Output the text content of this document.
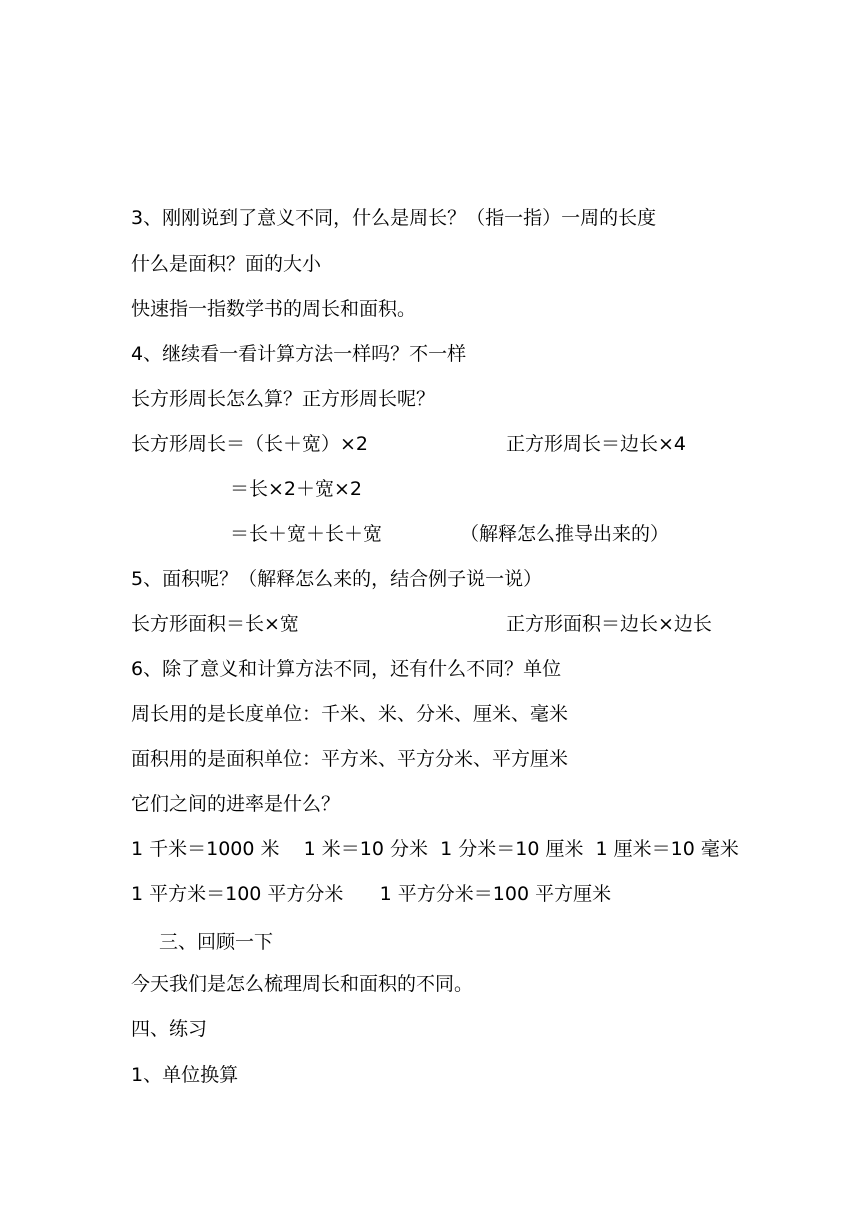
3、刚刚说到了意义不同，什么是周长？（指一指）一周的长度
什么是面积？面的大小
快速指一指数学书的周长和面积。
4、继续看一看计算方法一样吗？不一样
长方形周长怎么算？正方形周长呢？
长方形周长＝（长＋宽）×2	正方形周长＝边长×4
＝长×2＋宽×2
＝长＋宽＋长＋宽	（解释怎么推导出来的）
5、面积呢？（解释怎么来的，结合例子说一说）
长方形面积＝长×宽	正方形面积＝边长×边长
6、除了意义和计算方法不同，还有什么不同？单位
周长用的是长度单位：千米、米、分米、厘米、毫米
面积用的是面积单位：平方米、平方分米、平方厘米
它们之间的进率是什么？
1 千米＝1000 米    1 米＝10 分米  1 分米＝10 厘米  1 厘米＝10 毫米
1 平方米＝100 平方分米      1 平方分米＝100 平方厘米
三、回顾一下
今天我们是怎么梳理周长和面积的不同。
四、练习
1、单位换算
